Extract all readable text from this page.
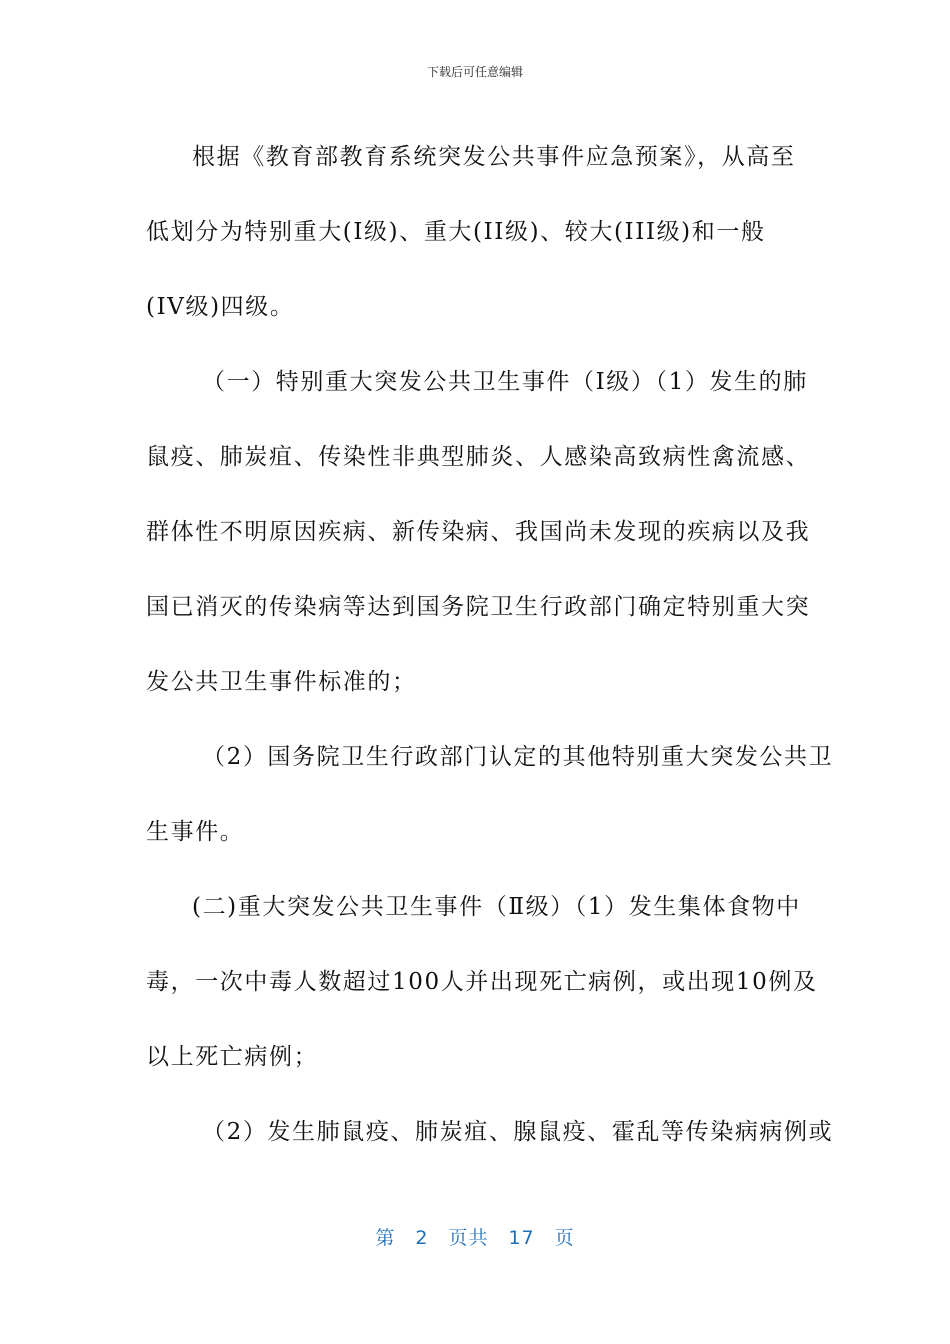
下载后可任意编辑

根据《教育部教育系统突发公共事件应急预案》，从高至
低划分为特别重大(I级)、重大(II级)、较大(III级)和一般
(IV级)四级。

（一）特别重大突发公共卫生事件（I级）（1）发生的肺
鼠疫、肺炭疽、传染性非典型肺炎、人感染高致病性禽流感、
群体性不明原因疾病、新传染病、我国尚未发现的疾病以及我
国已消灭的传染病等达到国务院卫生行政部门确定特别重大突
发公共卫生事件标准的；

（2）国务院卫生行政部门认定的其他特别重大突发公共卫
生事件。

(二)重大突发公共卫生事件（Ⅱ级）（1）发生集体食物中
毒，一次中毒人数超过100人并出现死亡病例，或出现10例及
以上死亡病例；

（2）发生肺鼠疫、肺炭疽、腺鼠疫、霍乱等传染病病例或

第 2 页共 17 页
